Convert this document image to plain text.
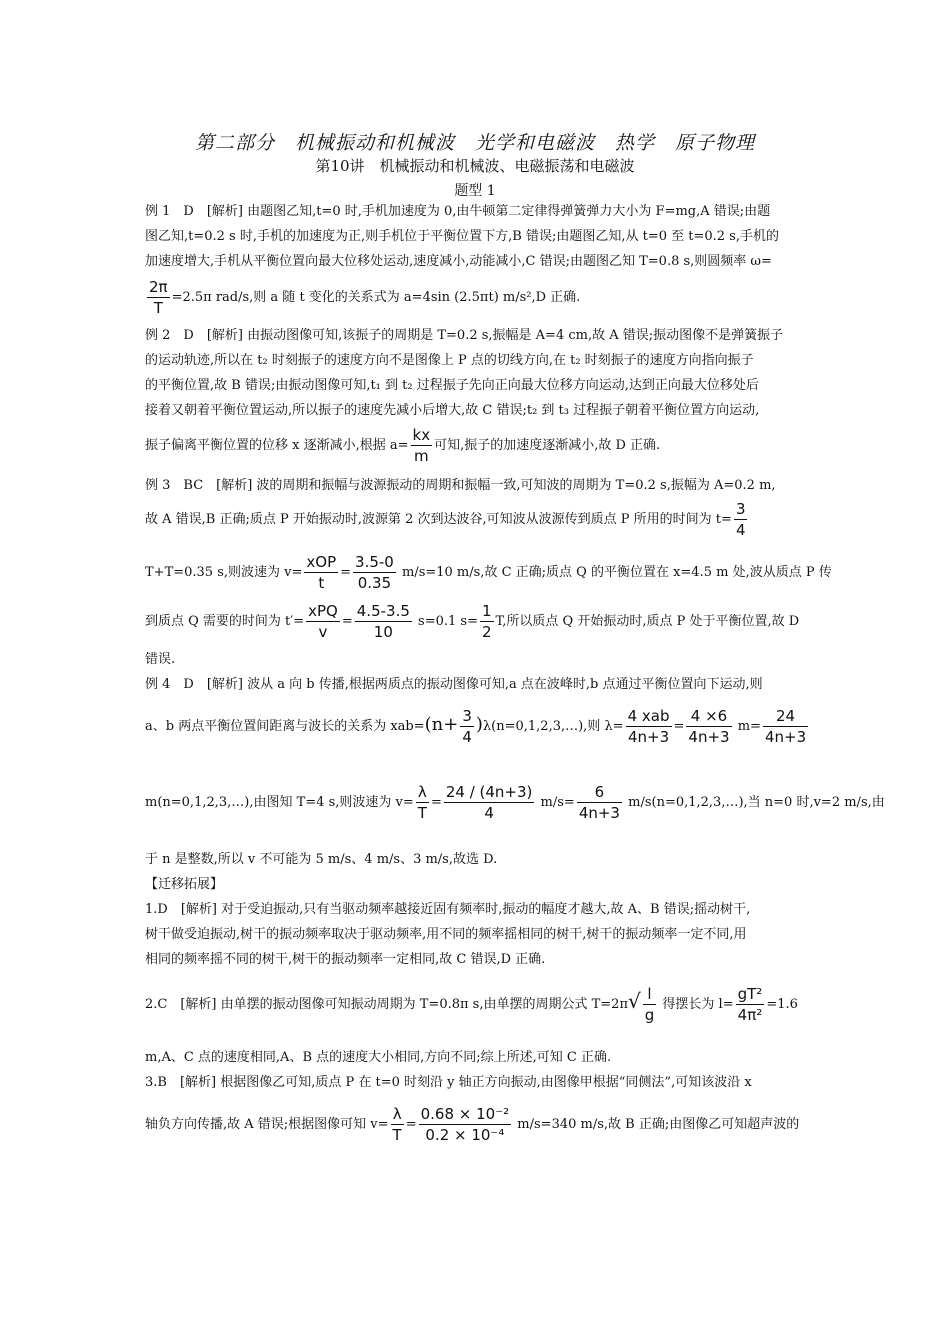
第二部分　机械振动和机械波　光学和电磁波　热学　原子物理
第10讲　机械振动和机械波、电磁振荡和电磁波
题型 1
例 1　D　[解析] 由题图乙知,t=0 时,手机加速度为 0,由牛顿第二定律得弹簧弹力大小为 F=mg,A 错误;由题
图乙知,t=0.2 s 时,手机的加速度为正,则手机位于平衡位置下方,B 错误;由题图乙知,从 t=0 至 t=0.2 s,手机的
加速度增大,手机从平衡位置向最大位移处运动,速度减小,动能减小,C 错误;由题图乙知 T=0.8 s,则圆频率 ω=
$\frac{2\pi}{T} =2.5\pi$ rad/s,则 a 随 t 变化的关系式为 a=4sin (2.5πt) m/s²,D 正确.
例 2　D　[解析] 由振动图像可知,该振子的周期是 T=0.2 s,振幅是 A=4 cm,故 A 错误;振动图像不是弹簧振子
的运动轨迹,所以在 t₂ 时刻振子的速度方向不是图像上 P 点的切线方向,在 t₂ 时刻振子的速度方向指向振子
的平衡位置,故 B 错误;由振动图像可知,t₁ 到 t₂ 过程振子先向正向最大位移方向运动,达到正向最大位移处后
接着又朝着平衡位置运动,所以振子的速度先减小后增大,故 C 错误;t₂ 到 t₃ 过程振子朝着平衡位置方向运动,
振子偏离平衡位置的位移 x 逐渐减小,根据 $a= \frac{kx}{m}$ 可知,振子的加速度逐渐减小,故 D 正确.
例 3　BC　[解析] 波的周期和振幅与波源振动的周期和振幅一致,可知波的周期为 T=0.2 s,振幅为 A=0.2 m,
故 A 错误,B 正确;质点 P 开始振动时,波源第 2 次到达波谷,可知波从波源传到质点 P 所用的时间为 $t= \frac{3}{4}$
T+T=0.35 s,则波速为 $v= \frac{\text{xOP}}{t} = \frac{3.5-0}{0.35} m/s=10$ m/s,故 C 正确;质点 Q 的平衡位置在 x=4.5 m 处,波从质点 P 传
到质点 Q 需要的时间为 $t'= \frac{\text{xPQ}}{v} = \frac{4.5-3.5}{10} s=0.1$ $s= \frac{1}{2} T$,所以质点 Q 开始振动时,质点 P 处于平衡位置,故 D
错误.
例 4　D　[解析] 波从 a 向 b 传播,根据两质点的振动图像可知,a 点在波峰时,b 点通过平衡位置向下运动,则
a、b 两点平衡位置间距离与波长的关系为 $xab=(n+ \frac{3}{4}$ )λ(n=0,1,2,3,…),则 $\lambda= \frac{\text{4 xab}}{4n+3} = \frac{4 \times 6}{4n+3} m= \frac{24}{4n+3}$
m(n=0,1,2,3,…),由图知 T=4 s,则波速为 $v= \frac{\lambda}{T} = \frac{24 / (4n+3)}{4} m/s= \frac{6}{4n+3}$ m/s(n=0,1,2,3,…),当 n=0 时,v=2 m/s,由
于 n 是整数,所以 v 不可能为 5 m/s、4 m/s、3 m/s,故选 D.
【迁移拓展】
1.D　[解析] 对于受迫振动,只有当驱动频率越接近固有频率时,振动的幅度才越大,故 A、B 错误;摇动树干,
树干做受迫振动,树干的振动频率取决于驱动频率,用不同的频率摇相同的树干,树干的振动频率一定不同,用
相同的频率摇不同的树干,树干的振动频率一定相同,故 C 错误,D 正确.
2.C　[解析] 由单摆的振动图像可知振动周期为 T=0.8π s,由单摆的周期公式 $T=2\pi√ \frac{l}{g}$ 得摆长为 $l= \frac{\text{gT²}}{\text{4π²}} =1.6$
m,A、C 点的速度相同,A、B 点的速度大小相同,方向不同;综上所述,可知 C 正确.
3.B　[解析] 根据图像乙可知,质点 P 在 t=0 时刻沿 y 轴正方向振动,由图像甲根据“同侧法”,可知该波沿 x
轴负方向传播,故 A 错误;根据图像可知 $v= \frac{\lambda}{T} = \frac{\text{0.68 × 10⁻²}}{\text{0.2 × 10⁻⁴}} m/s=340$ m/s,故 B 正确;由图像乙可知超声波的
